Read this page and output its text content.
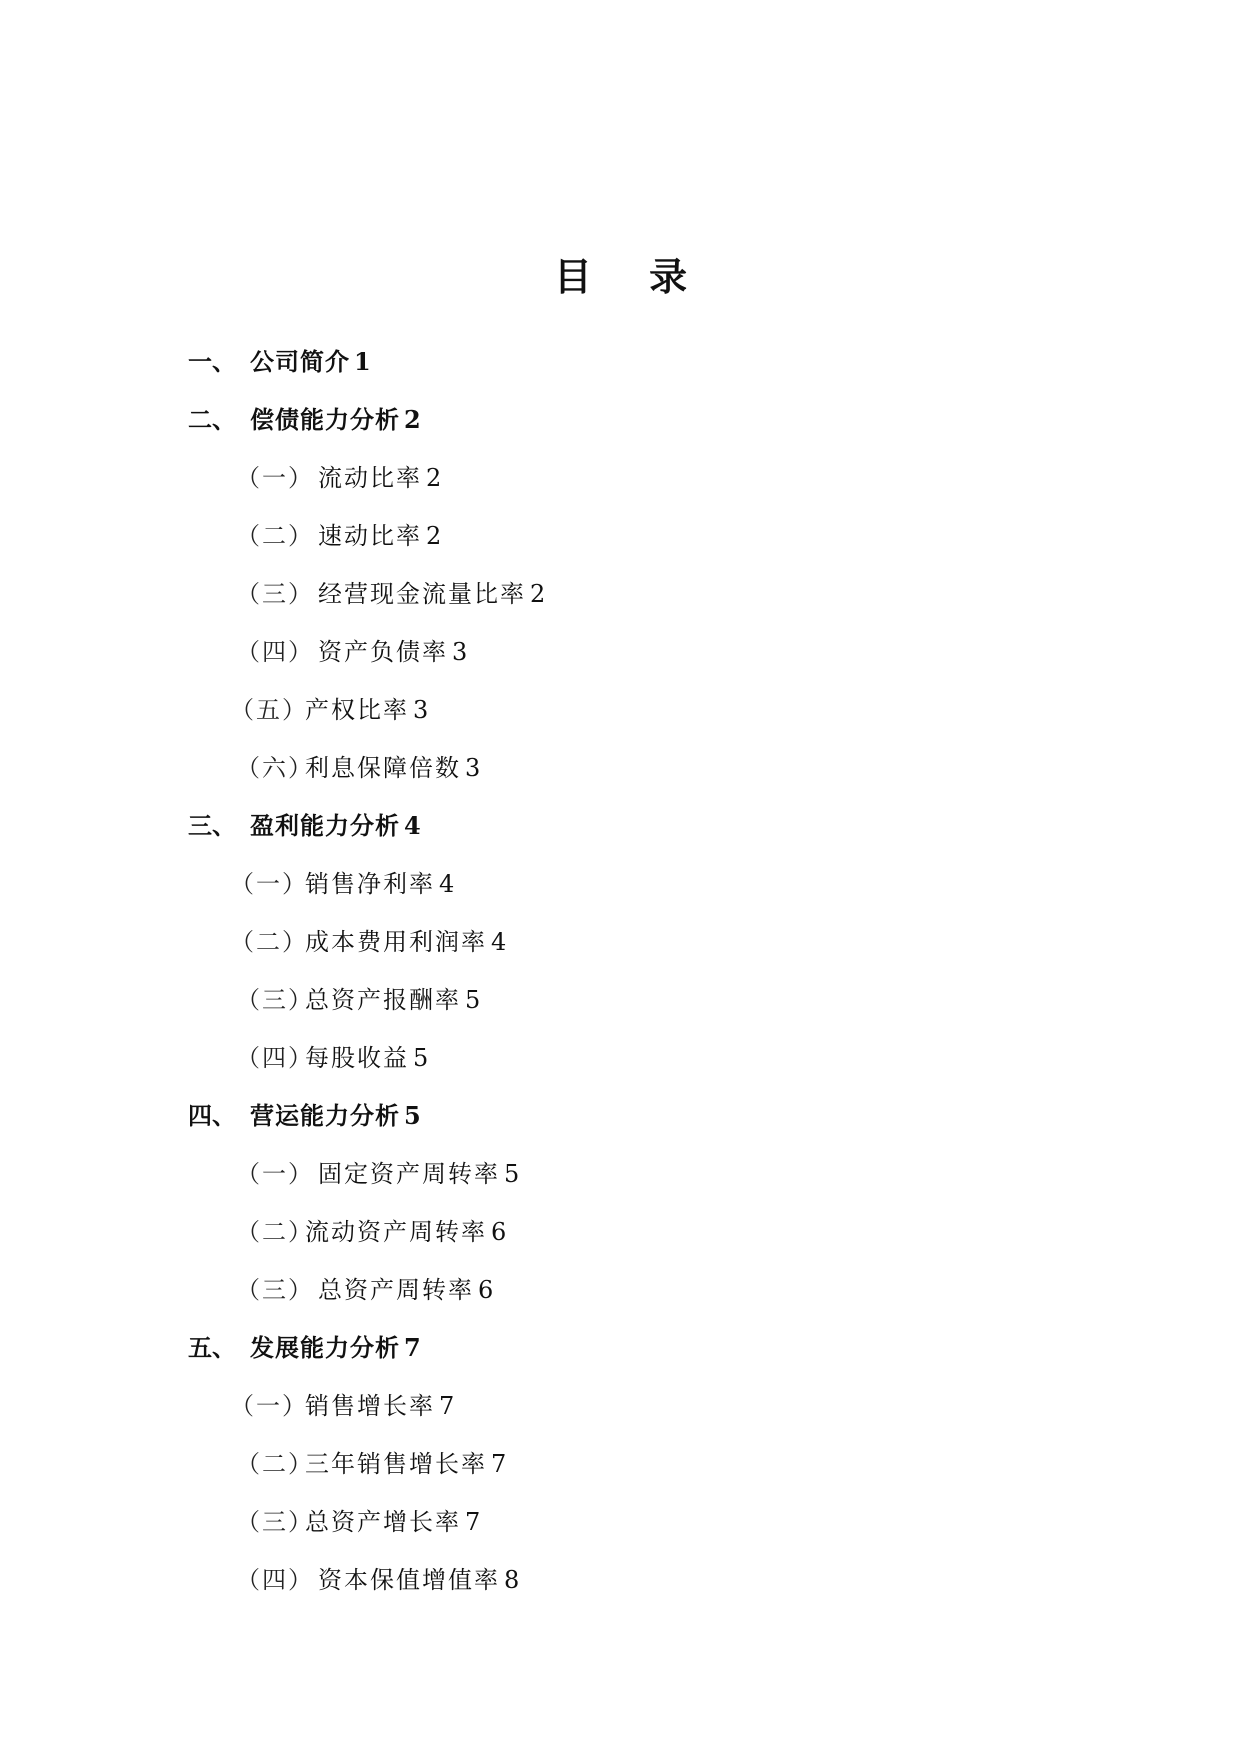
目 录
一、 公司简介 1
二、 偿债能力分析 2
（一） 流动比率 2
（二） 速动比率 2
（三） 经营现金流量比率 2
（四） 资产负债率 3
（五）
产权比率 3
（六）
利息保障倍数 3
三、 盈利能力分析 4
（一）
销售净利率 4
（二）
成本费用利润率 4
（三）
总资产报酬率 5
（四）
每股收益 5
四、 营运能力分析 5
（一） 固定资产周转率 5
（二）
流动资产周转率 6
（三） 总资产周转率 6
五、 发展能力分析 7
（一）
销售增长率 7
（二）
三年销售增长率 7
（三）
总资产增长率 7
（四） 资本保值增值率 8
